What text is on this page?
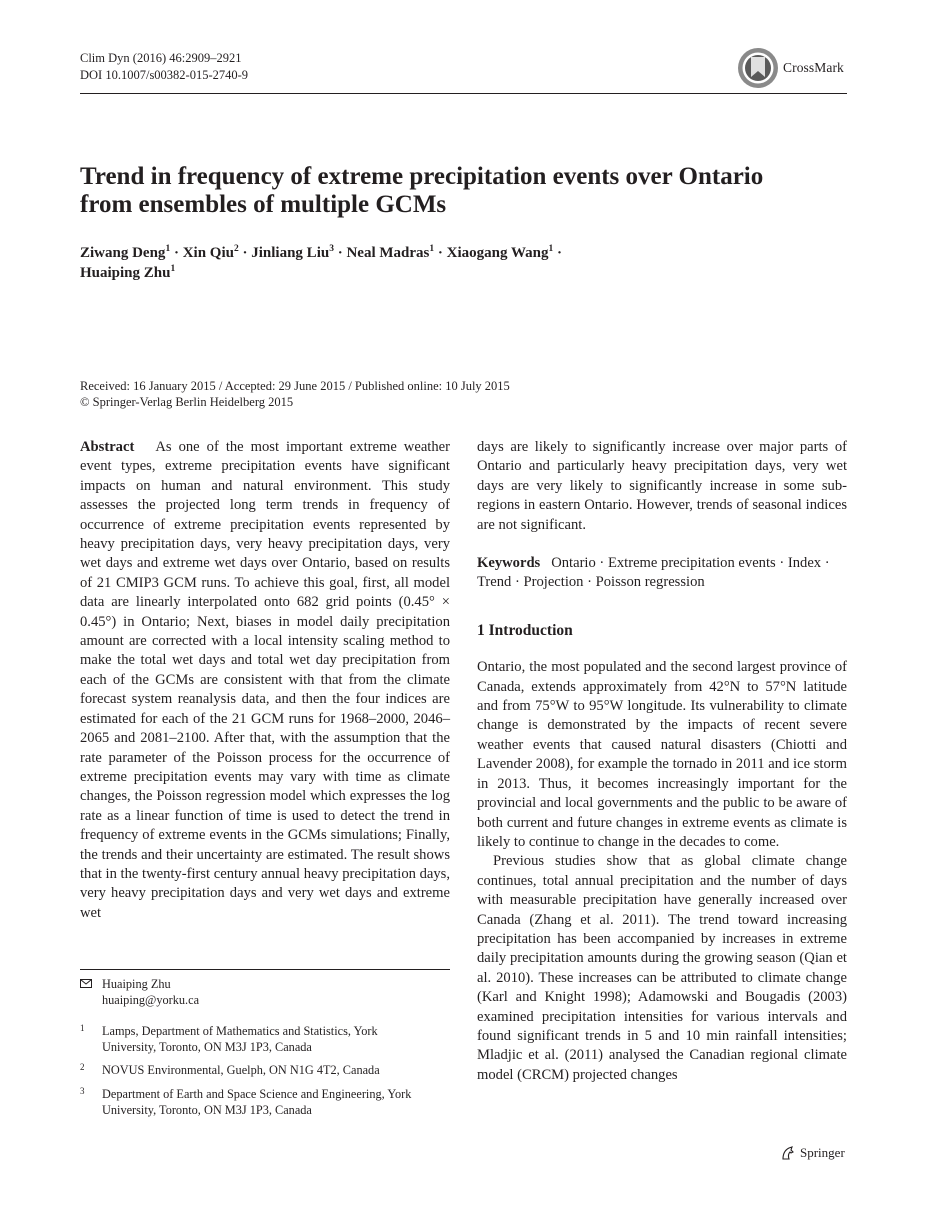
Clim Dyn (2016) 46:2909–2921
DOI 10.1007/s00382-015-2740-9	CrossMark
Trend in frequency of extreme precipitation events over Ontario
from ensembles of multiple GCMs
Ziwang Deng$^1$ · Xin Qiu$^2$ · Jinliang Liu$^3$ · Neal Madras$^1$ · Xiaogang Wang$^1$ ·
Huaiping Zhu$^1$
Received: 16 January 2015 / Accepted: 29 June 2015 / Published online: 10 July 2015
© Springer-Verlag Berlin Heidelberg 2015

Abstract As one of the most important extreme weather event types, extreme precipitation events have significant impacts on human and natural environment. This study assesses the projected long term trends in frequency of occurrence of extreme precipitation events represented by heavy precipitation days, very heavy precipitation days, very wet days and extreme wet days over Ontario, based on results of 21 CMIP3 GCM runs. To achieve this goal, first, all model data are linearly interpolated onto 682 grid points (0.45° × 0.45°) in Ontario; Next, biases in model daily precipitation amount are corrected with a local intensity scaling method to make the total wet days and total wet day precipitation from each of the GCMs are consistent with that from the climate forecast system reanalysis data, and then the four indices are estimated for each of the 21 GCM runs for 1968–2000, 2046–2065 and 2081–2100. After that, with the assumption that the rate parameter of the Poisson process for the occurrence of extreme precipitation events may vary with time as climate changes, the Poisson regression model which expresses the log rate as a linear function of time is used to detect the trend in frequency of extreme events in the GCMs simulations; Finally, the trends and their uncertainty are estimated. The result shows that in the twenty-first century annual heavy precipitation days, very heavy precipitation days and very wet days and extreme wet

days are likely to significantly increase over major parts of Ontario and particularly heavy precipitation days, very wet days are very likely to significantly increase in some sub-regions in eastern Ontario. However, trends of seasonal indices are not significant.

Keywords Ontario · Extreme precipitation events · Index · Trend · Projection · Poisson regression

1 Introduction

Ontario, the most populated and the second largest province of Canada, extends approximately from 42°N to 57°N latitude and from 75°W to 95°W longitude. Its vulnerability to climate change is demonstrated by the impacts of recent severe weather events that caused natural disasters (Chiotti and Lavender 2008), for example the tornado in 2011 and ice storm in 2013. Thus, it becomes increasingly important for the provincial and local governments and the public to be aware of both current and future changes in extreme events as climate is likely to continue to change in the decades to come.

Previous studies show that as global climate change continues, total annual precipitation and the number of days with measurable precipitation have generally increased over Canada (Zhang et al. 2011). The trend toward increasing precipitation has been accompanied by increases in extreme daily precipitation amounts during the growing season (Qian et al. 2010). These increases can be attributed to climate change (Karl and Knight 1998); Adamowski and Bougadis (2003) examined precipitation intensities for various intervals and found significant trends in 5 and 10 min rainfall intensities; Mladjic et al. (2011) analysed the Canadian regional climate model (CRCM) projected changes

Huaiping Zhu
huaiping@yorku.ca
1 Lamps, Department of Mathematics and Statistics, York University, Toronto, ON M3J 1P3, Canada
2 NOVUS Environmental, Guelph, ON N1G 4T2, Canada
3 Department of Earth and Space Science and Engineering, York University, Toronto, ON M3J 1P3, Canada
Springer
